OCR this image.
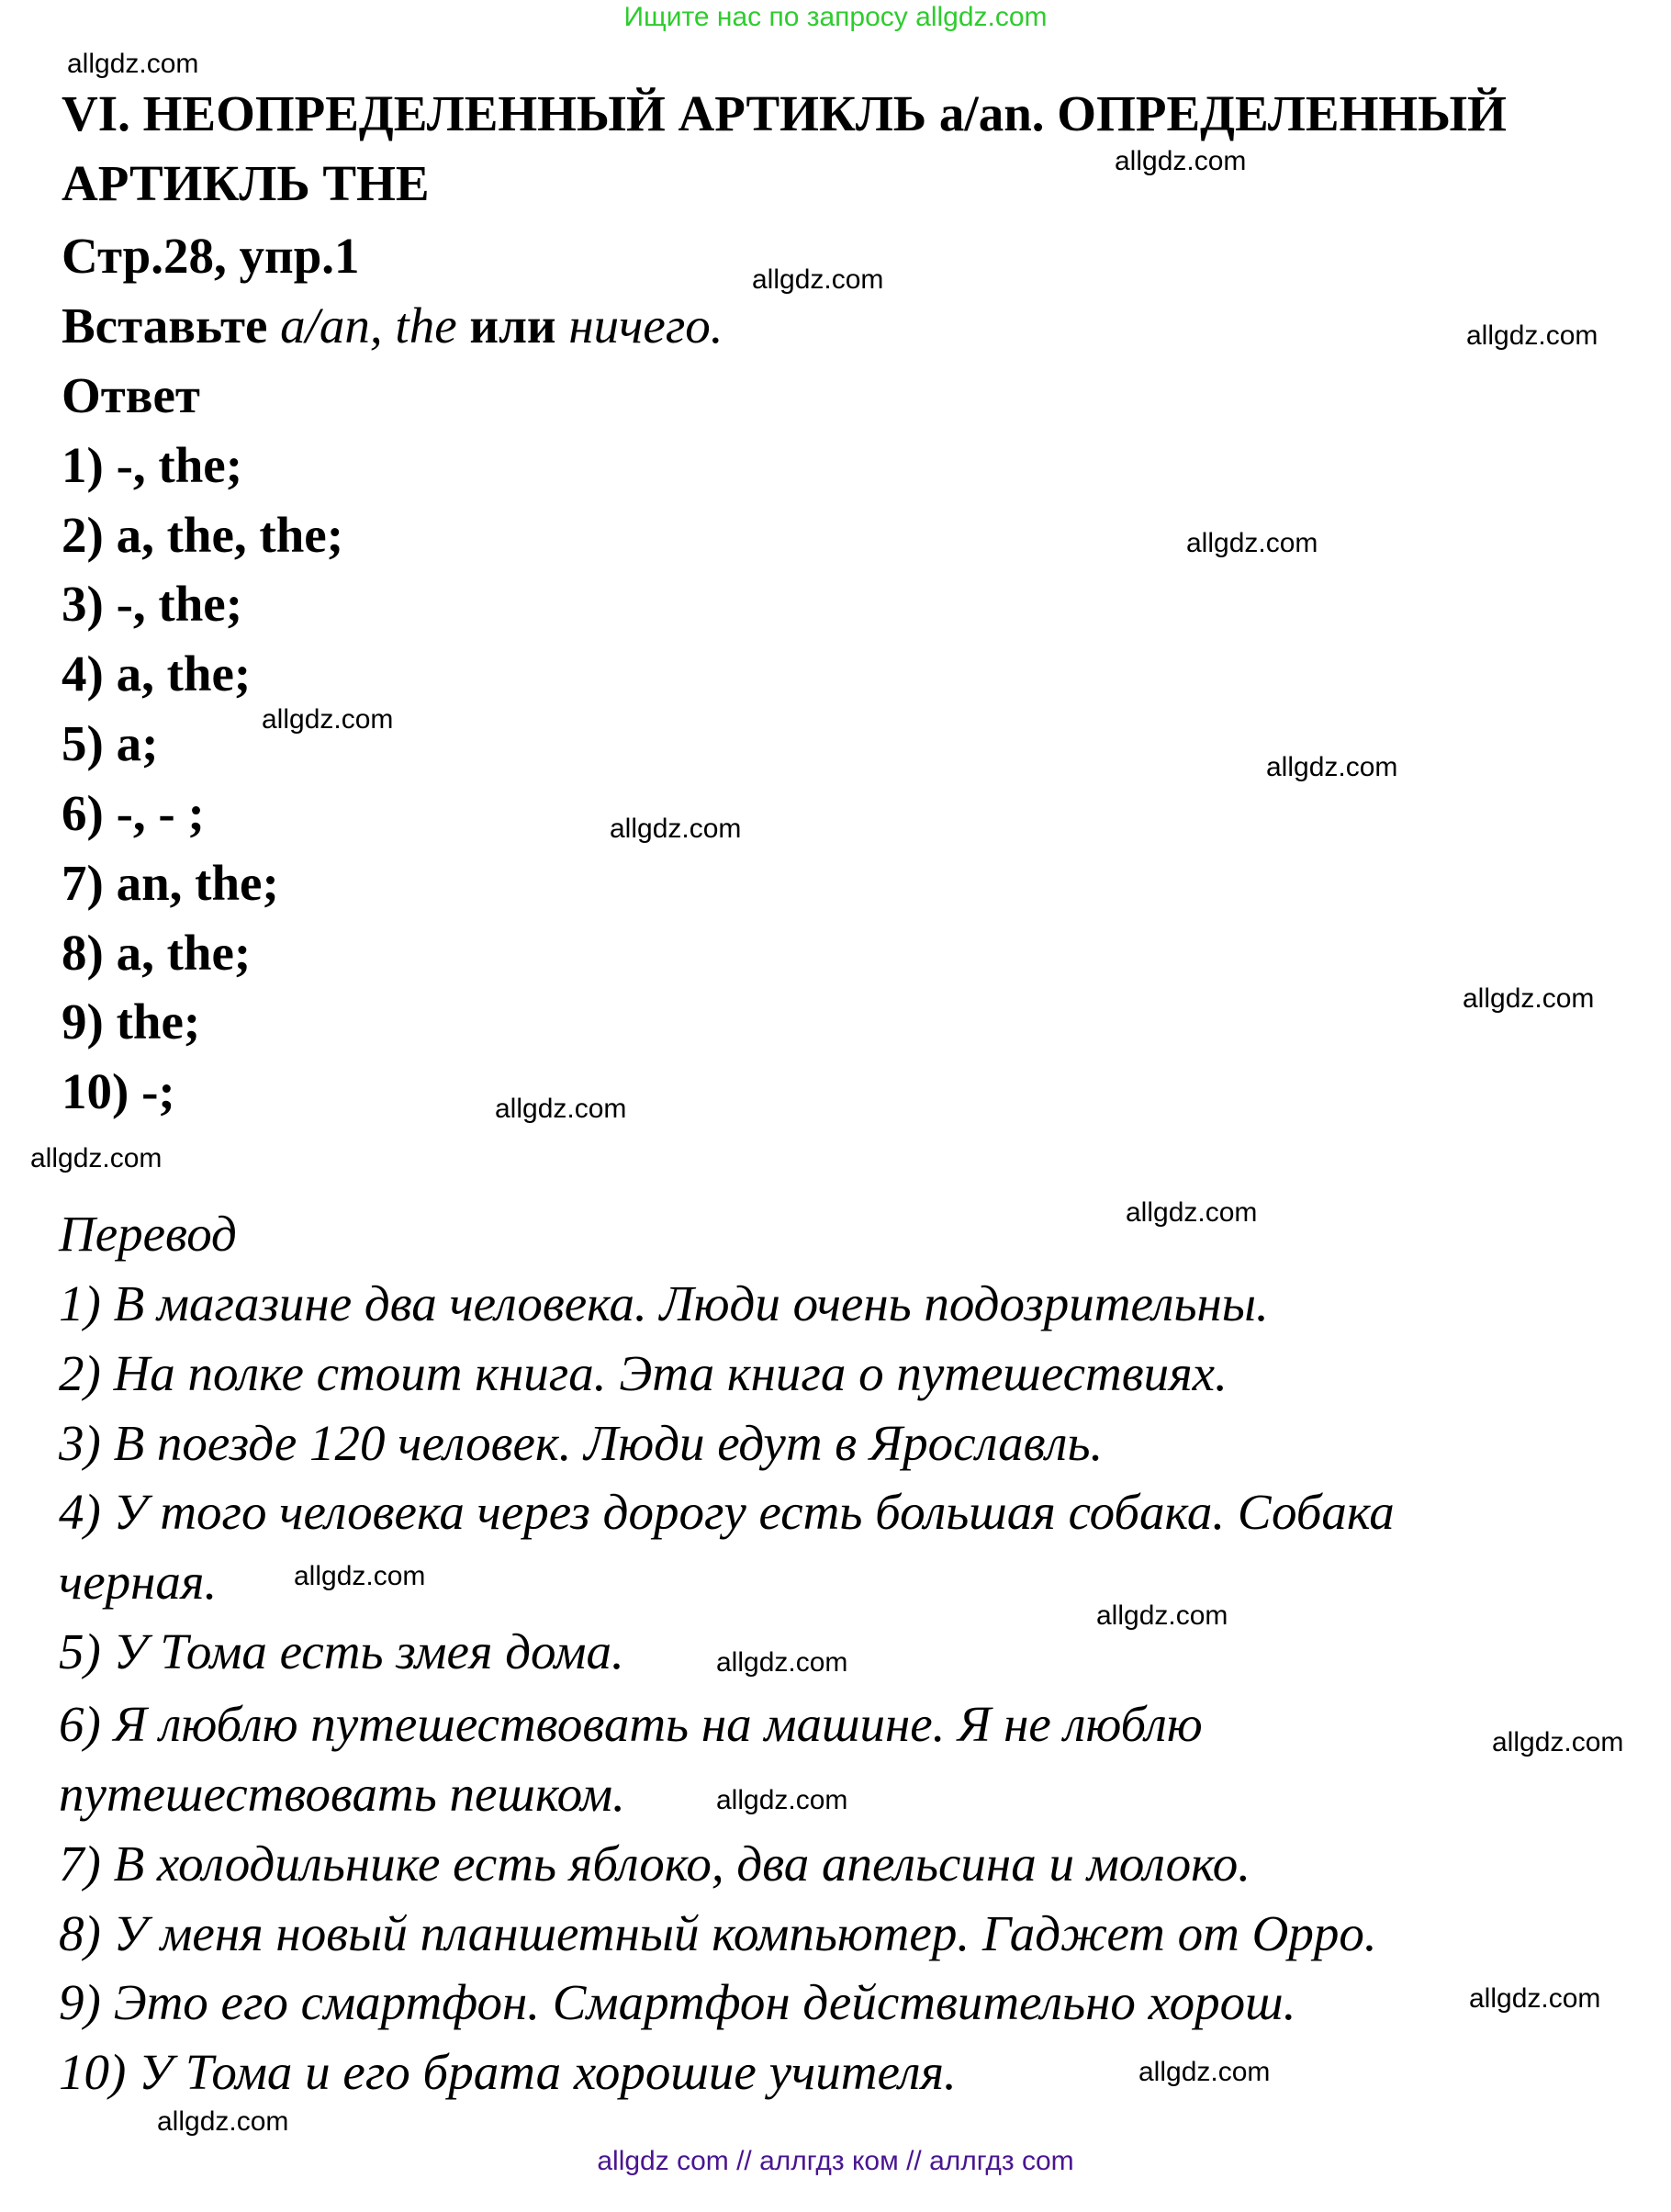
Ищите нас по запросу allgdz.com
VI. НЕОПРЕДЕЛЕННЫЙ АРТИКЛЬ a/an. ОПРЕДЕЛЕННЫЙ
АРТИКЛЬ THE
Стр.28, упр.1
Вставьте a/an, the или ничего.
Ответ
1) -, the;
2) a, the, the;
3) -, the;
4) a, the;
5) a;
6) -, - ;
7) an, the;
8) a, the;
9) the;
10) -;
Перевод
1) В магазине два человека. Люди очень подозрительны.
2) На полке стоит книга. Эта книга о путешествиях.
3) В поезде 120 человек. Люди едут в Ярославль.
4) У того человека через дорогу есть большая собака. Собака
черная.
5) У Тома есть змея дома.
6) Я люблю путешествовать на машине. Я не люблю
путешествовать пешком.
7) В холодильнике есть яблоко, два апельсина и молоко.
8) У меня новый планшетный компьютер. Гаджет от Oppo.
9) Это его смартфон. Смартфон действительно хорош.
10) У Тома и его брата хорошие учителя.
allgdz.com
allgdz.com
allgdz.com
allgdz.com
allgdz.com
allgdz.com
allgdz.com
allgdz.com
allgdz.com
allgdz.com
allgdz.com
allgdz.com
allgdz.com
allgdz.com
allgdz.com
allgdz.com
allgdz.com
allgdz.com
allgdz.com
allgdz.com
allgdz com // аллгдз ком // аллгдз com
